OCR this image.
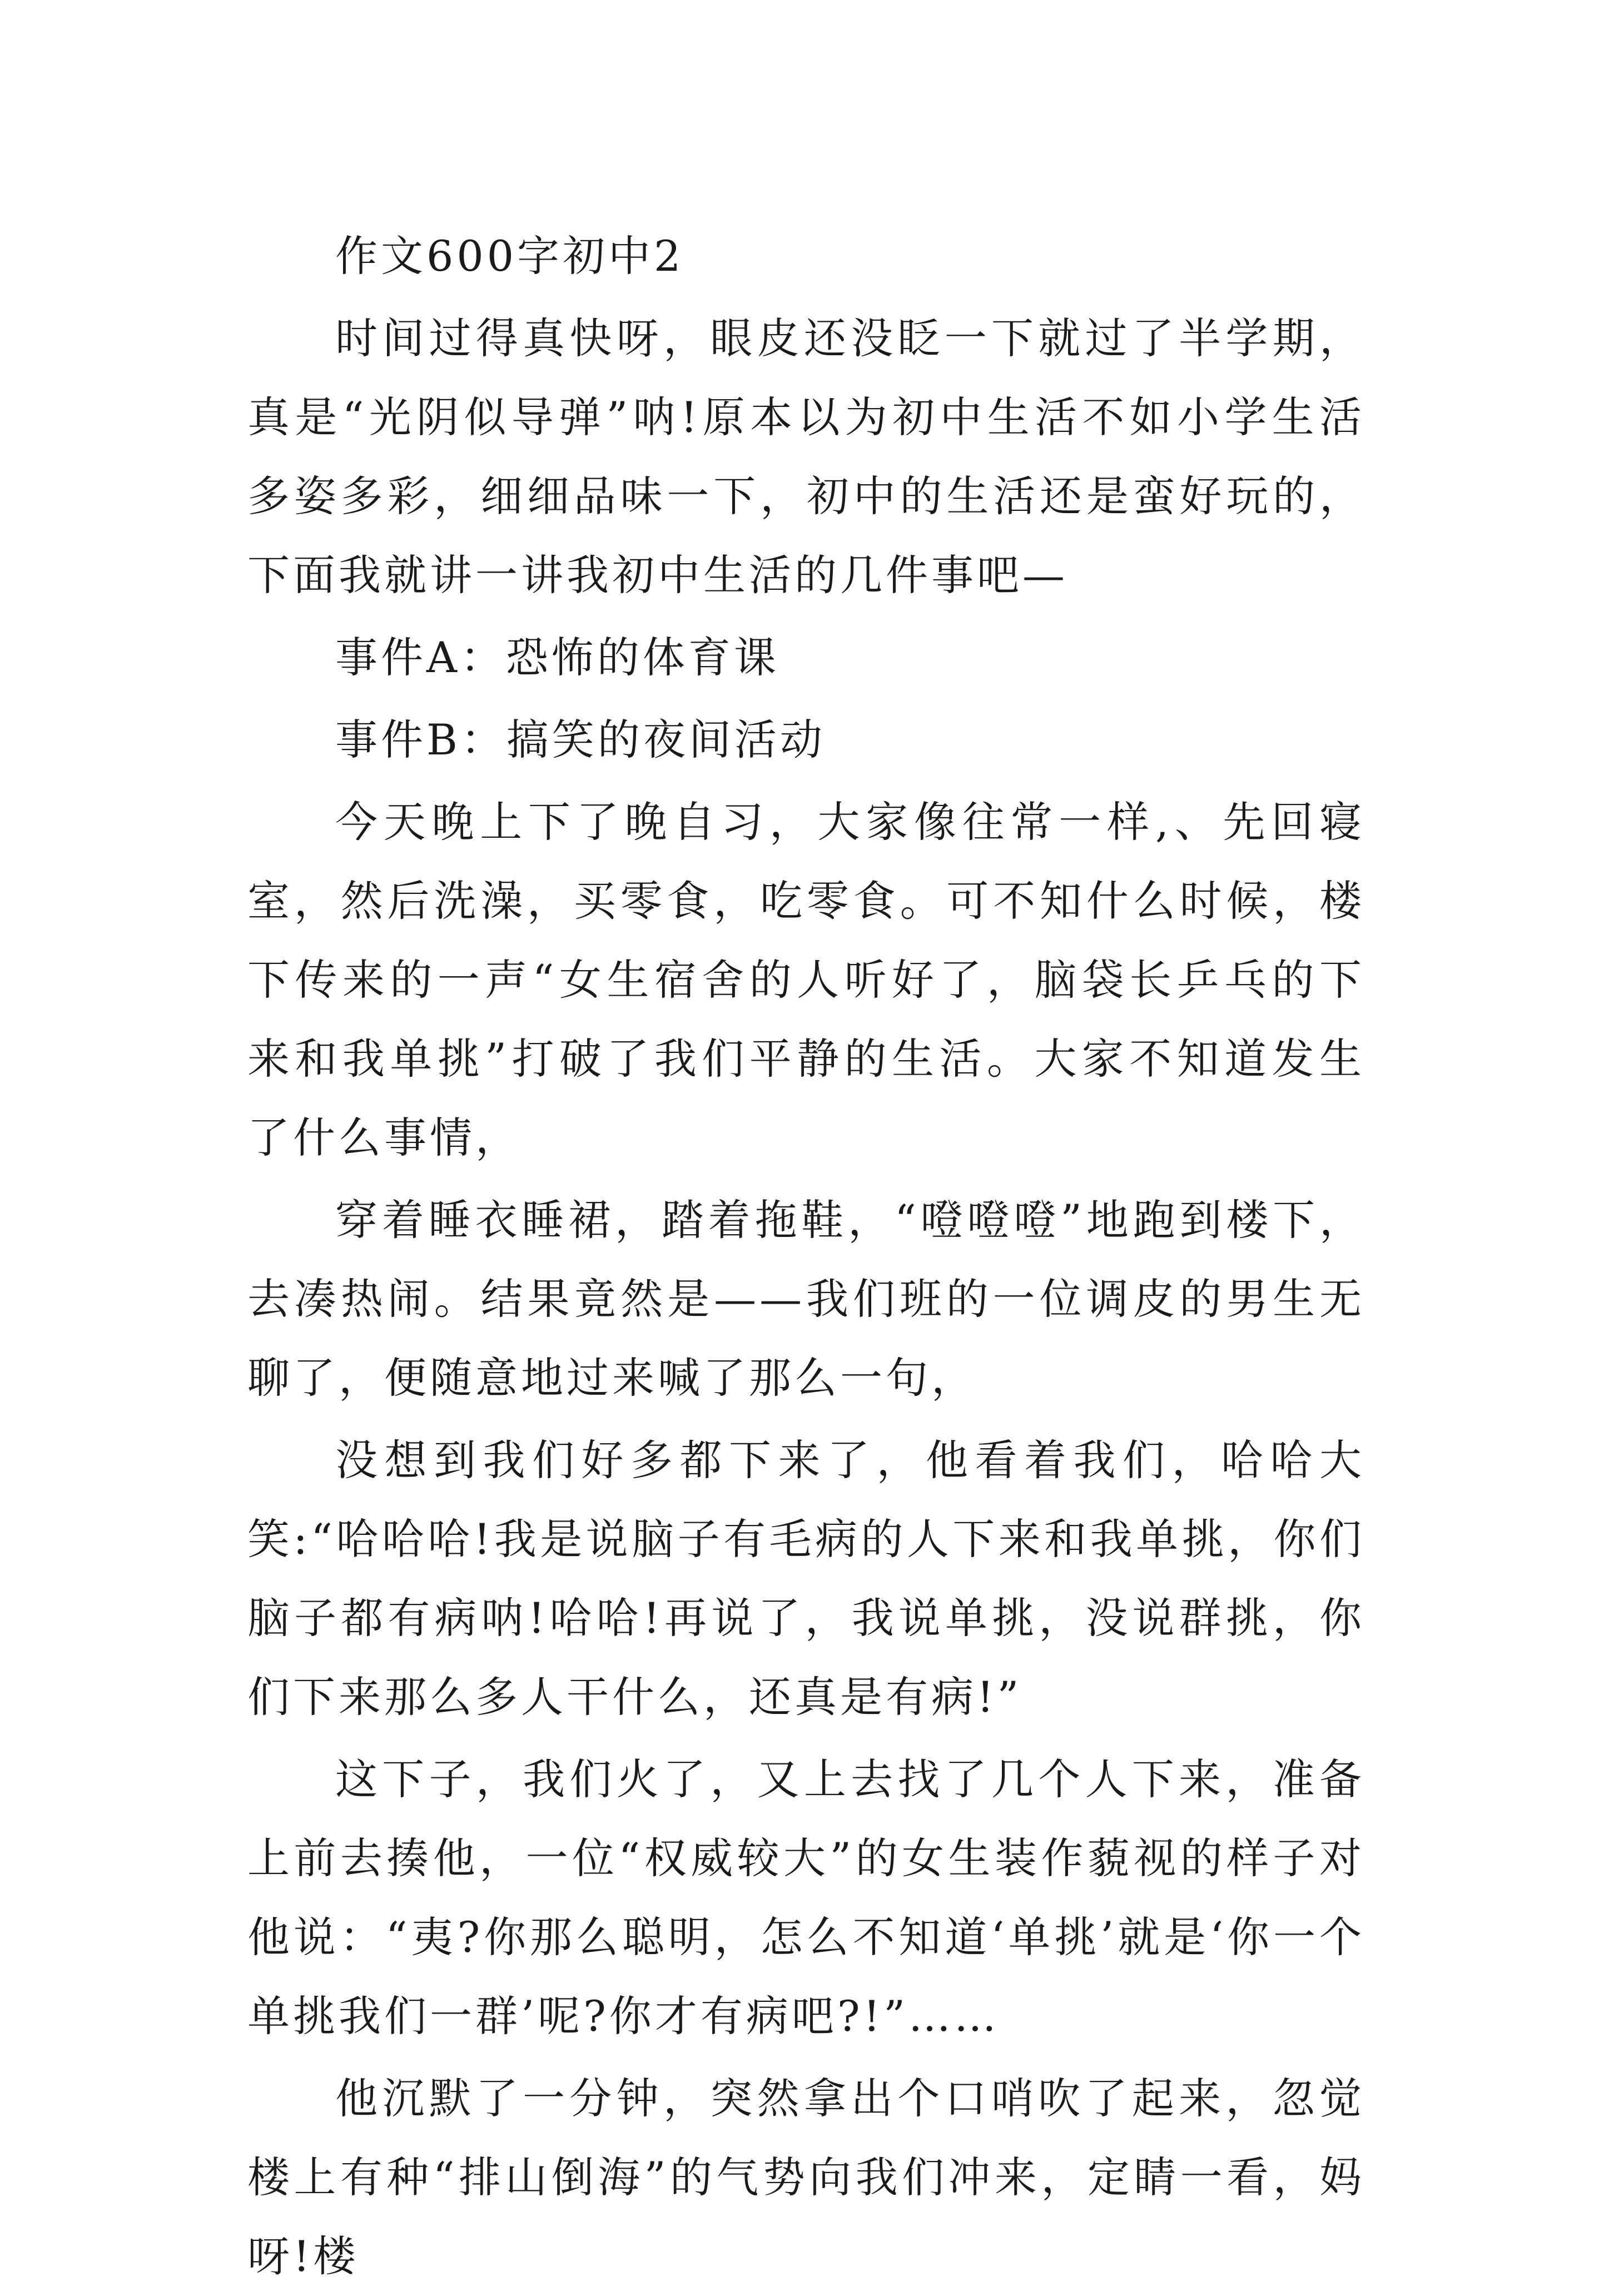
作文600字初中2

时间过得真快呀，眼皮还没眨一下就过了半学期，真是“光阴似导弹”呐!原本以为初中生活不如小学生活多姿多彩，细细品味一下，初中的生活还是蛮好玩的，下面我就讲一讲我初中生活的几件事吧—

事件A：恐怖的体育课

事件B：搞笑的夜间活动

今天晚上下了晚自习，大家像往常一样,、先回寝室，然后洗澡，买零食，吃零食。可不知什么时候，楼下传来的一声“女生宿舍的人听好了，脑袋长乒乓的下来和我单挑”打破了我们平静的生活。大家不知道发生了什么事情，

穿着睡衣睡裙，踏着拖鞋，“噔噔噔”地跑到楼下，去凑热闹。结果竟然是——我们班的一位调皮的男生无聊了，便随意地过来喊了那么一句，

没想到我们好多都下来了，他看着我们，哈哈大笑:“哈哈哈!我是说脑子有毛病的人下来和我单挑，你们脑子都有病呐!哈哈!再说了，我说单挑，没说群挑，你们下来那么多人干什么，还真是有病!”

这下子，我们火了，又上去找了几个人下来，准备上前去揍他，一位“权威较大”的女生装作藐视的样子对他说：“夷?你那么聪明，怎么不知道‘单挑’就是‘你一个单挑我们一群’呢?你才有病吧?!”……

他沉默了一分钟，突然拿出个口哨吹了起来，忽觉楼上有种“排山倒海”的气势向我们冲来，定睛一看，妈呀!楼
